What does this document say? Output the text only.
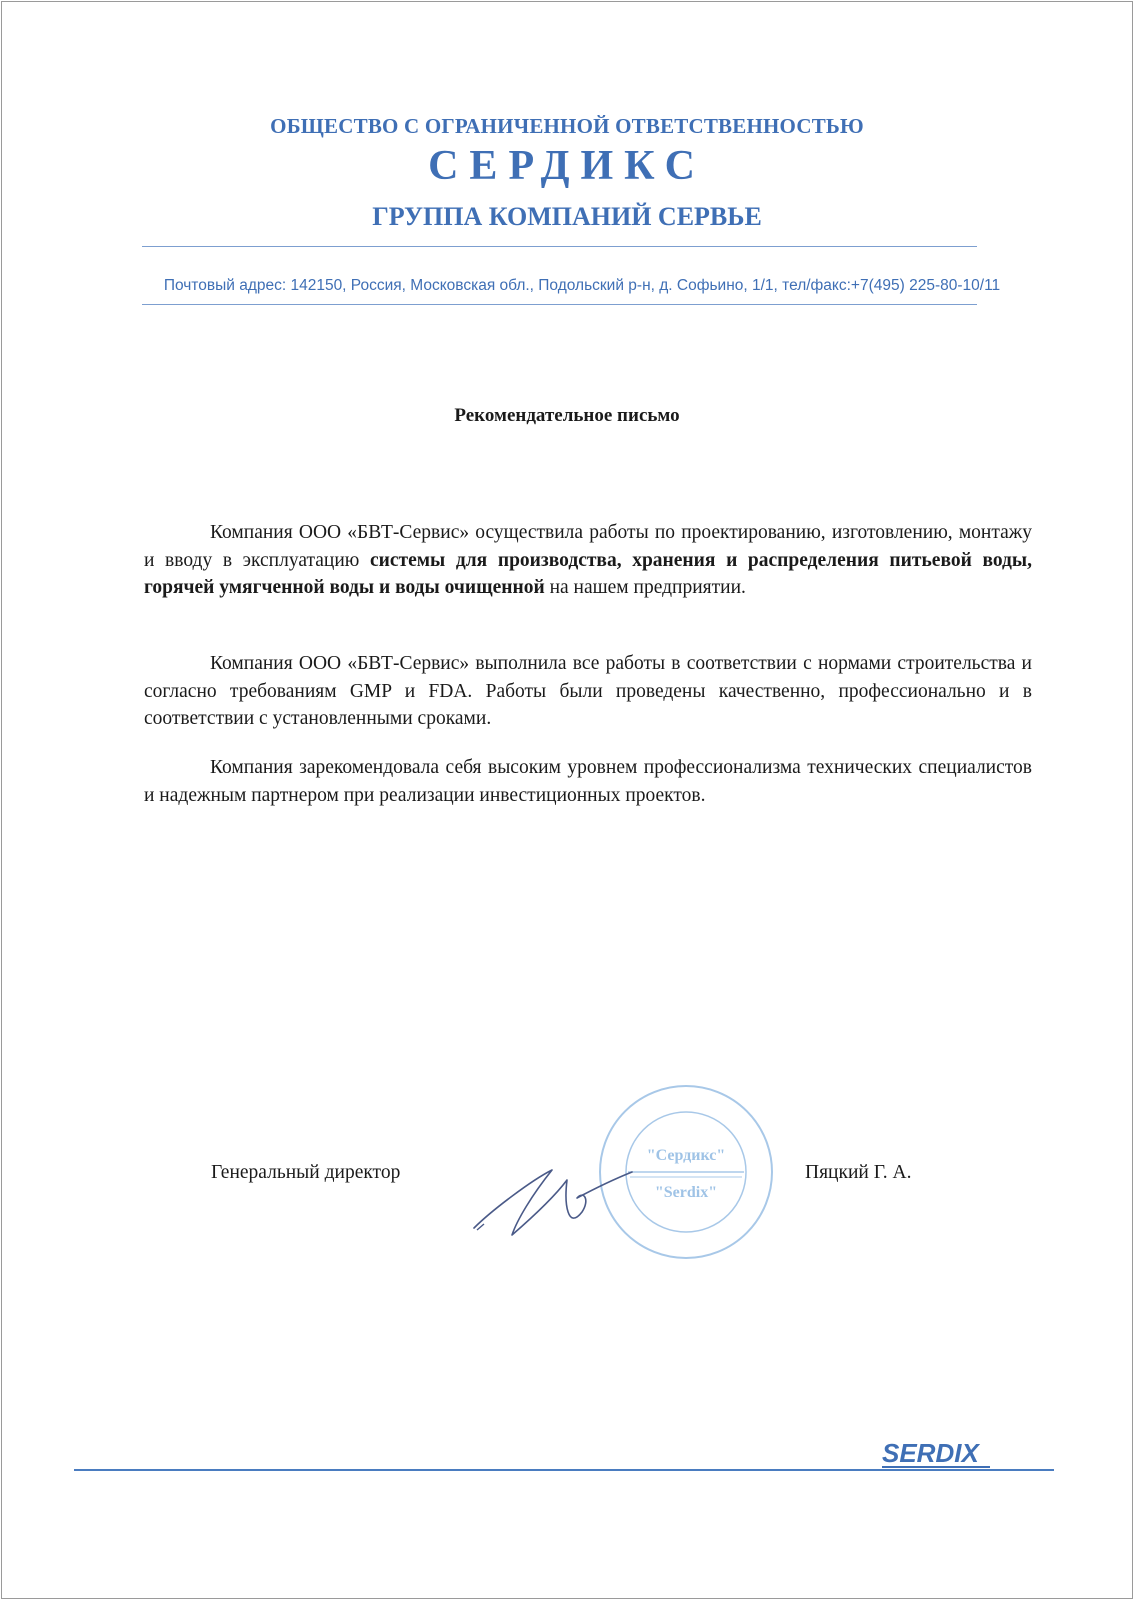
ОБЩЕСТВО С ОГРАНИЧЕННОЙ ОТВЕТСТВЕННОСТЬЮ
СЕРДИКС
ГРУППА КОМПАНИЙ СЕРВЬЕ
Почтовый адрес: 142150, Россия, Московская обл., Подольский р-н, д. Софьино, 1/1, тел/факс:+7(495) 225-80-10/11
Рекомендательное письмо
Компания ООО «БВТ-Сервис» осуществила работы по проектированию, изготовлению, монтажу и вводу в эксплуатацию системы для производства, хранения и распределения питьевой воды, горячей умягченной воды и воды очищенной на нашем предприятии.
Компания ООО «БВТ-Сервис» выполнила все работы в соответствии с нормами строительства и согласно требованиям GMP и FDA. Работы были проведены качественно, профессионально и в соответствии с установленными сроками.
Компания зарекомендовала себя высоким уровнем профессионализма технических специалистов и надежным партнером при реализации инвестиционных проектов.
Генеральный директор
"Сердикс"
"Serdix"
Пяцкий Г. А.
SERDIX
